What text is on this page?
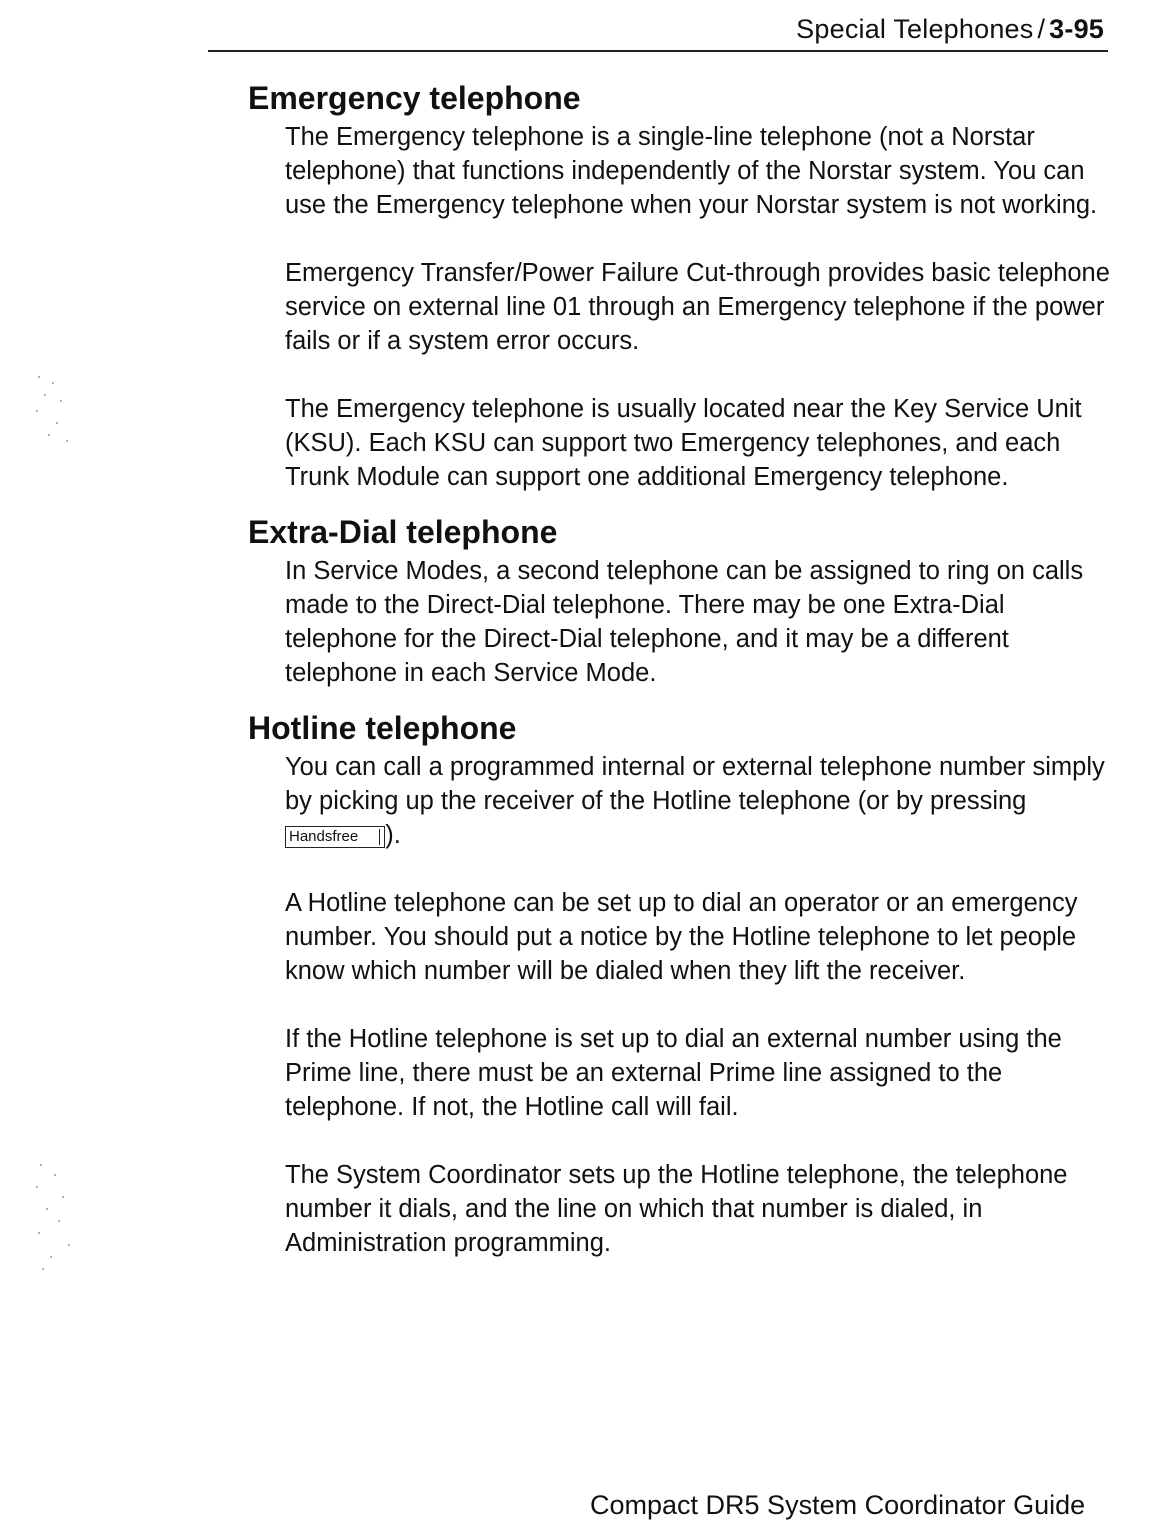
Special Telephones / 3-95
Emergency telephone

The Emergency telephone is a single-line telephone (not a Norstar telephone) that functions independently of the Norstar system. You can use the Emergency telephone when your Norstar system is not working.

Emergency Transfer/Power Failure Cut-through provides basic telephone service on external line 01 through an Emergency telephone if the power fails or if a system error occurs.

The Emergency telephone is usually located near the Key Service Unit (KSU). Each KSU can support two Emergency telephones, and each Trunk Module can support one additional Emergency telephone.

Extra-Dial telephone

In Service Modes, a second telephone can be assigned to ring on calls made to the Direct-Dial telephone. There may be one Extra-Dial telephone for the Direct-Dial telephone, and it may be a different telephone in each Service Mode.

Hotline telephone

You can call a programmed internal or external telephone number simply by picking up the receiver of the Hotline telephone (or by pressing Handsfree ).

A Hotline telephone can be set up to dial an operator or an emergency number. You should put a notice by the Hotline telephone to let people know which number will be dialed when they lift the receiver.

If the Hotline telephone is set up to dial an external number using the Prime line, there must be an external Prime line assigned to the telephone. If not, the Hotline call will fail.

The System Coordinator sets up the Hotline telephone, the telephone number it dials, and the line on which that number is dialed, in Administration programming.

Compact DR5 System Coordinator Guide
